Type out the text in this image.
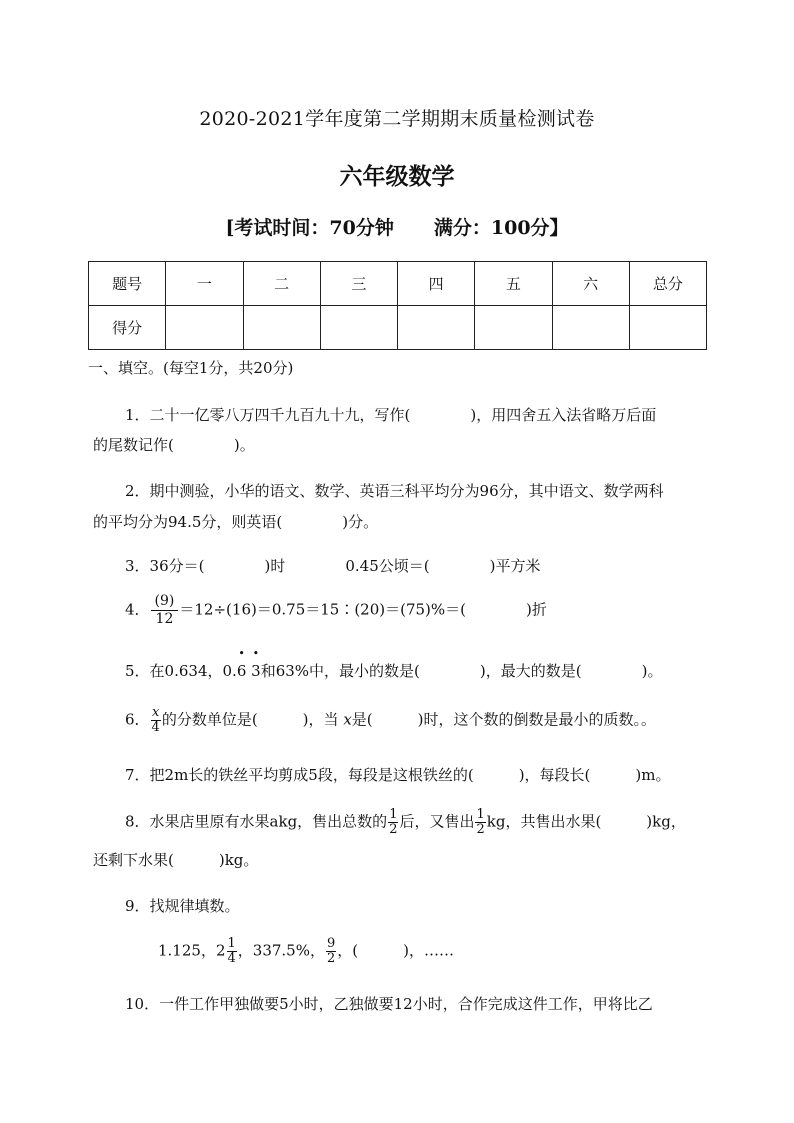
2020-2021学年度第二学期期末质量检测试卷
六年级数学
[考试时间：70分钟 满分：100分】
题号	一	二	三	四	五	六	总分
得分							
一、填空。(每空1分，共20分)
1．二十一亿零八万四千九百九十九，写作(　　　　)，用四舍五入法省略万后面
的尾数记作(　　　　)。
2．期中测验，小华的语文、数学、英语三科平均分为96分，其中语文、数学两科
的平均分为94.5分，则英语(　　　　)分。
3．36分＝(　　　　)时　　　　0.45公顷＝(　　　　)平方米
4． $\frac{(9)}{12}$ ＝12÷(16)＝0.75＝15∶(20)＝(75)%＝(　　　　)折
5．在0.634，0.• 6 • 3和63%中，最小的数是(　　　　)，最大的数是(　　　　)。
6． $\frac{x}{4}$ 的分数单位是(　　　)，当 x是(　　　)时，这个数的倒数是最小的质数。。
7．把2m长的铁丝平均剪成5段，每段是这根铁丝的(　　　)，每段长(　　　)m。
8．水果店里原有水果akg，售出总数的 $\frac{1}{2}$ 后，又售出 $\frac{1}{2}$ kg，共售出水果(　　　)kg，
还剩下水果(　　　)kg。
9．找规律填数。
1.125，$2 \frac{1}{4}$ ，337.5%， $\frac{9}{2}$ ，(　　　)，……
10．一件工作甲独做要5小时，乙独做要12小时，合作完成这件工作，甲将比乙
